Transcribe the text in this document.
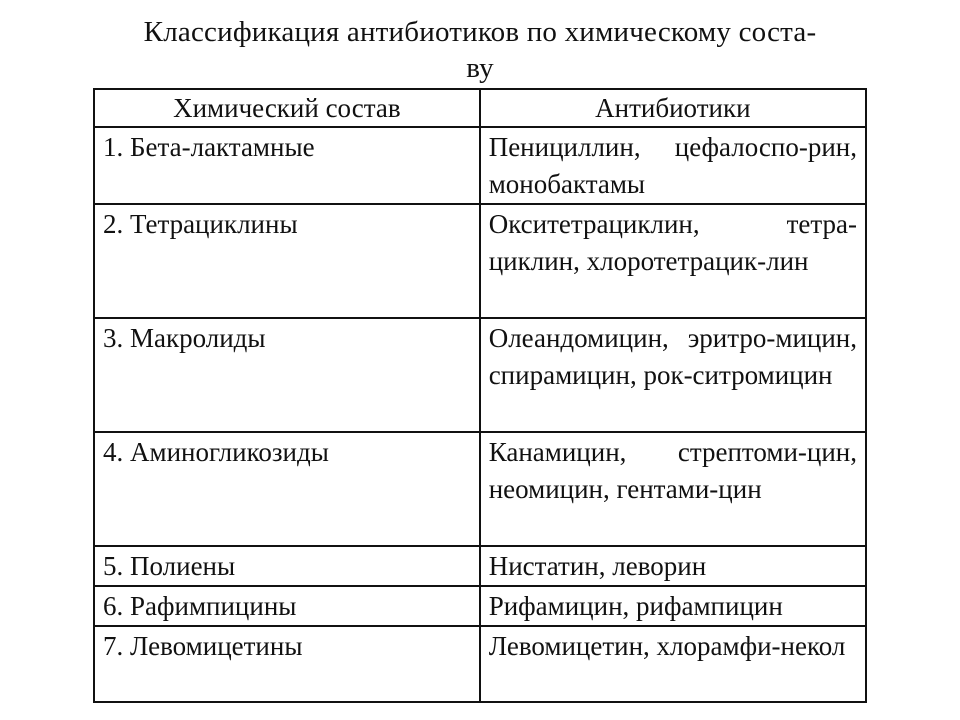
Классификация антибиотиков по химическому соста-
ву
Химический состав	Антибиотики

1. Бета-лактамные	Пенициллин, цефалоспо-рин, монобактамы

2. Тетрациклины	Окситетрациклин, тетра-циклин, хлоротетрацик-лин

3. Макролиды	Олеандомицин, эритро-мицин, спирамицин, рок-ситромицин

4. Аминогликозиды	Канамицин, стрептоми-цин, неомицин, гентами-цин

5. Полиены	Нистатин, леворин

6. Рафимпицины	Рифамицин, рифампицин

7. Левомицетины	Левомицетин, хлорамфи-некол
